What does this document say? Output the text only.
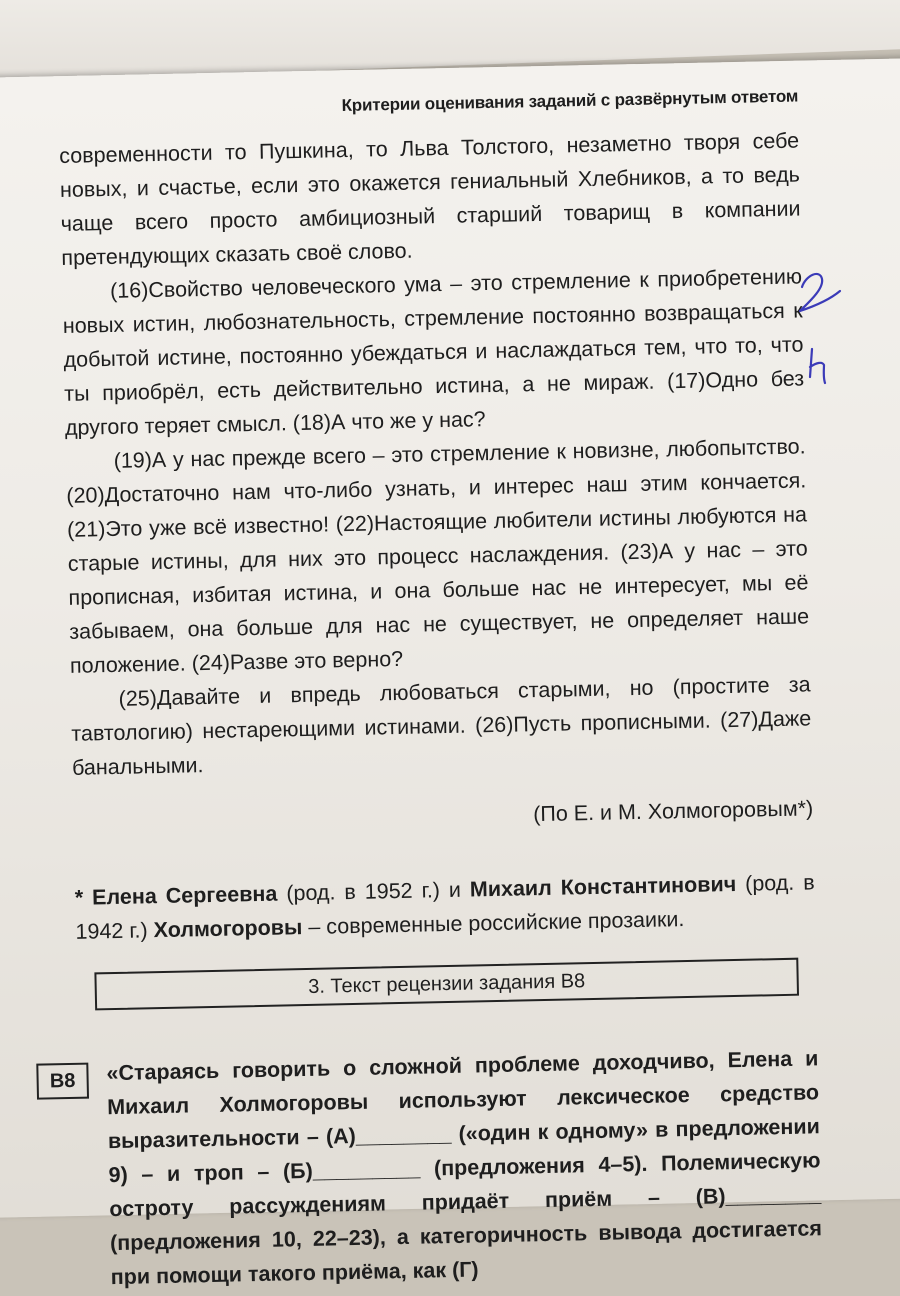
Критерии оценивания заданий с развёрнутым ответом

современности то Пушкина, то Льва Толстого, незаметно творя себе новых, и счастье, если это окажется гениальный Хлебников, а то ведь чаще всего просто амбициозный старший товарищ в компании претендующих сказать своё слово.

(16)Свойство человеческого ума – это стремление к приобретению новых истин, любознательность, стремление постоянно возвращаться к добытой истине, постоянно убеждаться и наслаждаться тем, что то, что ты приобрёл, есть действительно истина, а не мираж. (17)Одно без другого теряет смысл. (18)А что же у нас?

(19)А у нас прежде всего – это стремление к новизне, любопытство. (20)Достаточно нам что-либо узнать, и интерес наш этим кончается. (21)Это уже всё известно! (22)Настоящие любители истины любуются на старые истины, для них это процесс наслаждения. (23)А у нас – это прописная, избитая истина, и она больше нас не интересует, мы её забываем, она больше для нас не существует, не определяет наше положение. (24)Разве это верно?

(25)Давайте и впредь любоваться старыми, но (простите за тавтологию) нестареющими истинами. (26)Пусть прописными. (27)Даже банальными.

(По Е. и М. Холмогоровым*)
* Елена Сергеевна (род. в 1952 г.) и Михаил Константинович (род. в 1942 г.) Холмогоровы – современные российские прозаики.
3. Текст рецензии задания В8
В8	«Стараясь говорить о сложной проблеме доходчиво, Елена и Михаил Холмогоровы используют лексическое средство выразительности – (А)________ («один к одному» в предложении 9) – и троп – (Б)_________ (предложения 4–5). Полемическую остроту рассуждениям придаёт приём – (В)________ (предложения 10, 22–23), а категоричность вывода достигается при помощи такого приёма, как (Г)
